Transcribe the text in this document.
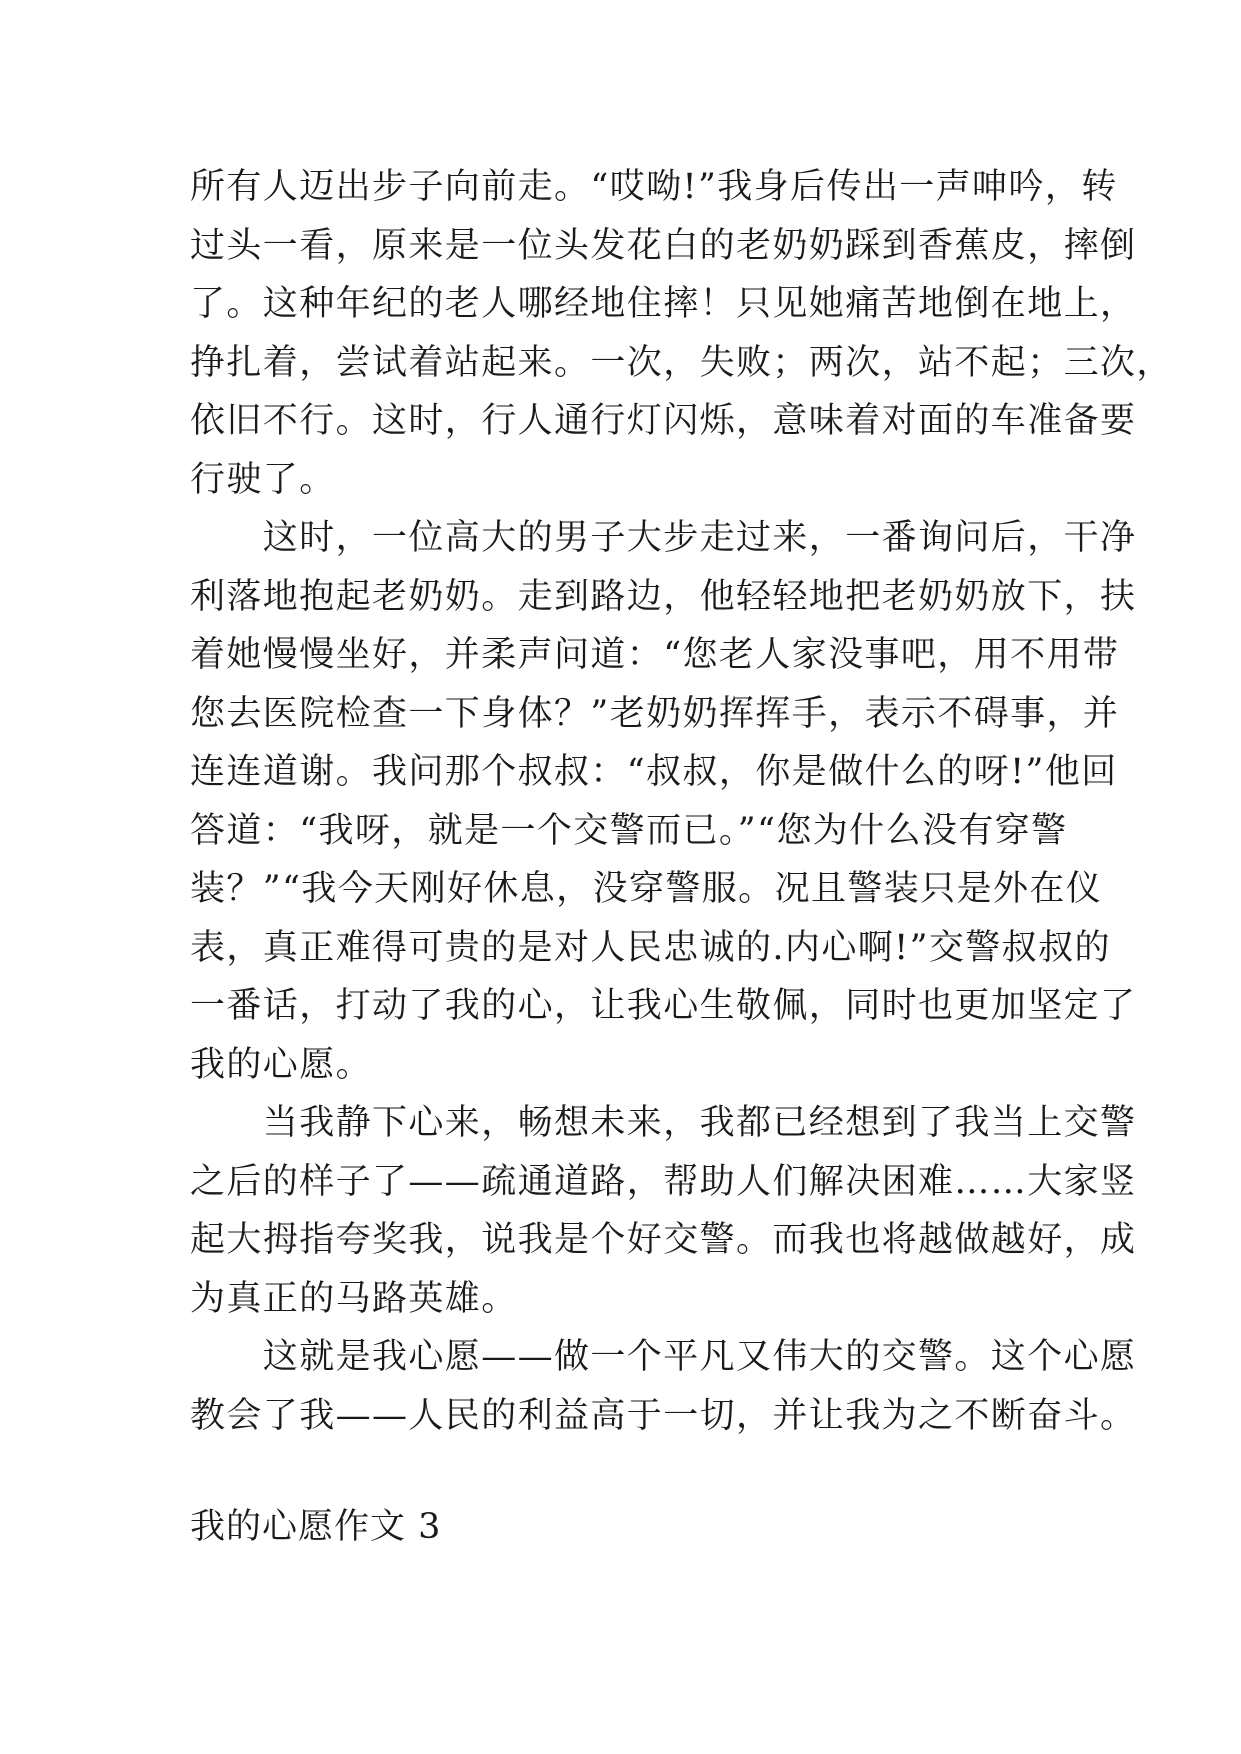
所有人迈出步子向前走。“哎呦!”我身后传出一声呻吟，转
过头一看，原来是一位头发花白的老奶奶踩到香蕉皮，摔倒
了。这种年纪的老人哪经地住摔！只见她痛苦地倒在地上，
挣扎着，尝试着站起来。一次，失败；两次，站不起；三次，
依旧不行。这时，行人通行灯闪烁，意味着对面的车准备要
行驶了。
　　这时，一位高大的男子大步走过来，一番询问后，干净
利落地抱起老奶奶。走到路边，他轻轻地把老奶奶放下，扶
着她慢慢坐好，并柔声问道：“您老人家没事吧，用不用带
您去医院检查一下身体？”老奶奶挥挥手，表示不碍事，并
连连道谢。我问那个叔叔：“叔叔，你是做什么的呀!”他回
答道：“我呀，就是一个交警而已。”“您为什么没有穿警
装？”“我今天刚好休息，没穿警服。况且警装只是外在仪
表，真正难得可贵的是对人民忠诚的.内心啊!”交警叔叔的
一番话，打动了我的心，让我心生敬佩，同时也更加坚定了
我的心愿。
　　当我静下心来，畅想未来，我都已经想到了我当上交警
之后的样子了——疏通道路，帮助人们解决困难……大家竖
起大拇指夸奖我，说我是个好交警。而我也将越做越好，成
为真正的马路英雄。
　　这就是我心愿——做一个平凡又伟大的交警。这个心愿
教会了我——人民的利益高于一切，并让我为之不断奋斗。
我的心愿作文 3
